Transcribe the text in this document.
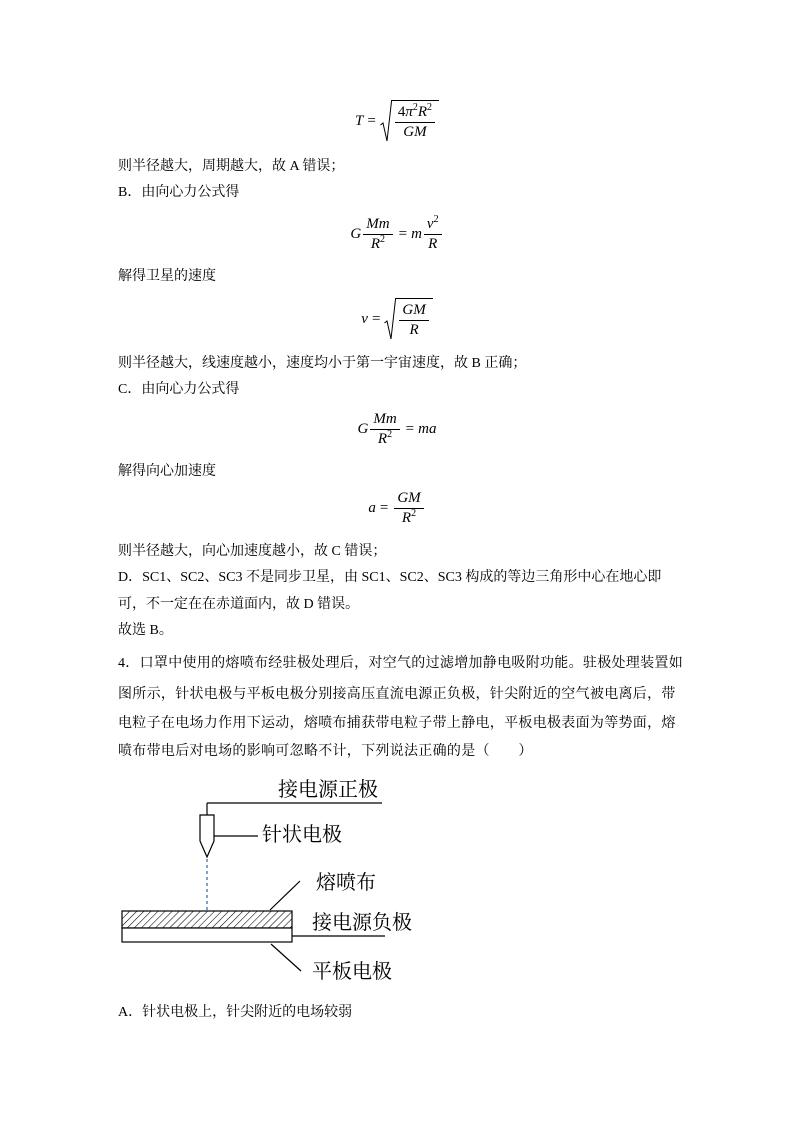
$T = \frac{4\pi^2R^2}{GM}$
则半径越大，周期越大，故 A 错误；
B．由向心力公式得
G $\frac{Mm}{R^2} = m \frac{v^2}{R}$
解得卫星的速度
$v = \frac{GM}{R}$
则半径越大，线速度越小，速度均小于第一宇宙速度，故 B 正确；
C．由向心力公式得
G $\frac{Mm}{R^2}$ = ma
解得向心加速度
$a = \frac{GM}{R^2}$
则半径越大，向心加速度越小，故 C 错误；
D．SC1、SC2、SC3 不是同步卫星，由 SC1、SC2、SC3 构成的等边三角形中心在地心即
可，不一定在在赤道面内，故 D 错误。
故选 B。
4．口罩中使用的熔喷布经驻极处理后，对空气的过滤增加静电吸附功能。驻极处理装置如
图所示，针状电极与平板电极分别接高压直流电源正负极，针尖附近的空气被电离后，带
电粒子在电场力作用下运动，熔喷布捕获带电粒子带上静电，平板电极表面为等势面，熔
喷布带电后对电场的影响可忽略不计，下列说法正确的是（　　）
接电源正极
针状电极
熔喷布
接电源负极
平板电极
A．针状电极上，针尖附近的电场较弱
